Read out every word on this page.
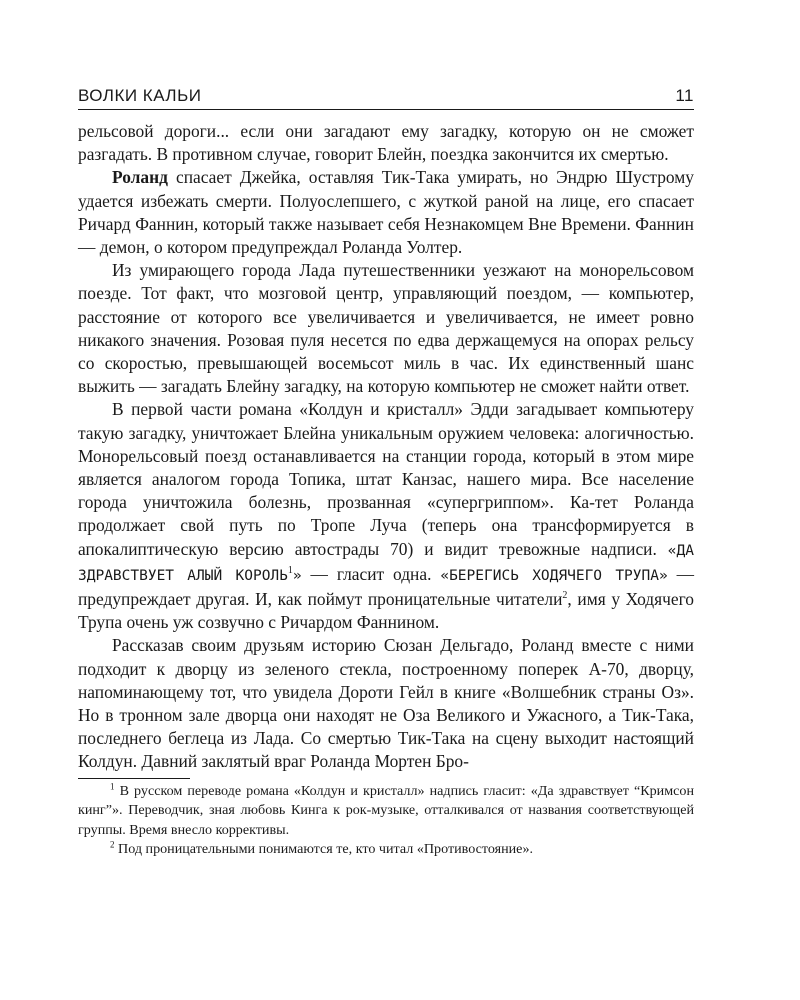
ВОЛКИ КАЛЬИ	11

рельсовой дороги... если они загадают ему загадку, которую он не сможет разгадать. В противном случае, говорит Блейн, поездка закончится их смертью.

Роланд спасает Джейка, оставляя Тик-Така умирать, но Эндрю Шустрому удается избежать смерти. Полуослепшего, с жуткой раной на лице, его спасает Ричард Фаннин, который также называет себя Незнакомцем Вне Времени. Фаннин — демон, о котором предупреждал Роланда Уолтер.

Из умирающего города Лада путешественники уезжают на монорельсовом поезде. Тот факт, что мозговой центр, управляющий поездом, — компьютер, расстояние от которого все увеличивается и увеличивается, не имеет ровно никакого значения. Розовая пуля несется по едва держащемуся на опорах рельсу со скоростью, превышающей восемьсот миль в час. Их единственный шанс выжить — загадать Блейну загадку, на которую компьютер не сможет найти ответ.

В первой части романа «Колдун и кристалл» Эдди загадывает компьютеру такую загадку, уничтожает Блейна уникальным оружием человека: алогичностью. Монорельсовый поезд останавливается на станции города, который в этом мире является аналогом города Топика, штат Канзас, нашего мира. Все население города уничтожила болезнь, прозванная «супергриппом». Ка-тет Роланда продолжает свой путь по Тропе Луча (теперь она трансформируется в апокалиптическую версию автострады 70) и видит тревожные надписи. «ДА ЗДРАВСТВУЕТ АЛЫЙ КОРОЛЬ$^1$» — гласит одна. «БЕРЕГИСЬ ХОДЯЧЕГО ТРУПА» — предупреждает другая. И, как поймут проницательные читатели$^2$, имя у Ходячего Трупа очень уж созвучно с Ричардом Фаннином.

Рассказав своим друзьям историю Сюзан Дельгадо, Роланд вместе с ними подходит к дворцу из зеленого стекла, построенному поперек А-70, дворцу, напоминающему тот, что увидела Дороти Гейл в книге «Волшебник страны Оз». Но в тронном зале дворца они находят не Оза Великого и Ужасного, а Тик-Така, последнего беглеца из Лада. Со смертью Тик-Така на сцену выходит настоящий Колдун. Давний заклятый враг Роланда Мортен Бро-

$^1$ В русском переводе романа «Колдун и кристалл» надпись гласит: «Да здравствует “Кримсон кинг”». Переводчик, зная любовь Кинга к рок-музыке, отталкивался от названия соответствующей группы. Время внесло коррективы.

$^2$ Под проницательными понимаются те, кто читал «Противостояние».
